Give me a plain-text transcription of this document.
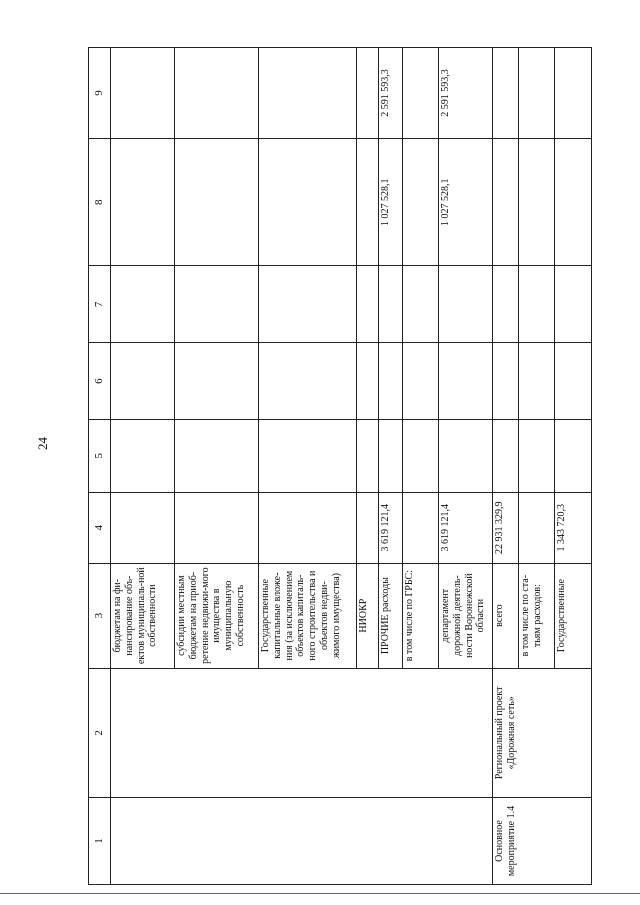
24
1	2	3	4	5	6	7	8	9
		бюджетам на фи-нансирование объ-ектов муниципаль-ной собственности						
		субсидии местным бюджетам на приоб-ретение недвижи-мого имущества в муниципальную собственность						
		Государственные капитальные вложе-ния (за исключением объектов капиталь-ного строительства и объектов недви-жимого имущества)						
		НИОКР						
		ПРОЧИЕ расходы	3 619 121,4				1 027 528,1	2 591 593,3
		в том числе по ГРБС:						
		департамент дорожной деятель-ности Воронежской области	3 619 121,4				1 027 528,1	2 591 593,3
Основное мероприятие 1.4	Региональный проект «Дорожная сеть»	всего	22 931 329,9					
		в том числе по ста-тьям расходов:						
		Государственные	1 343 720,3					
